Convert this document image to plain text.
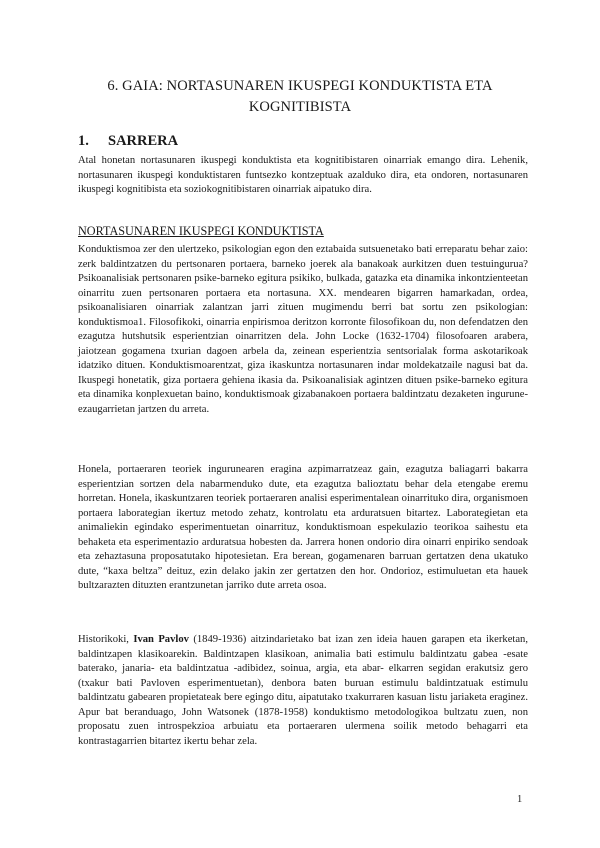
6. GAIA: NORTASUNAREN IKUSPEGI KONDUKTISTA ETA
KOGNITIBISTA
1. SARRERA

Atal honetan nortasunaren ikuspegi konduktista eta kognitibistaren oinarriak emango dira. Lehenik, nortasunaren ikuspegi konduktistaren funtsezko kontzeptuak azalduko dira, eta ondoren, nortasunaren ikuspegi kognitibista eta soziokognitibistaren oinarriak aipatuko dira.

NORTASUNAREN IKUSPEGI KONDUKTISTA

Konduktismoa zer den ulertzeko, psikologian egon den eztabaida sutsuenetako bati erreparatu behar zaio: zerk baldintzatzen du pertsonaren portaera, barneko joerek ala banakoak aurkitzen duen testuinguruа? Psikoanalisiak pertsonaren psike-barneko egitura psikiko, bulkada, gatazka eta dinamika inkontzienteetan oinarritu zuen pertsonaren portaera eta nortasuna. XX. mendearen bigarren hamarkadan, ordea, psikoanalisiaren oinarriak zalantzan jarri zituen mugimendu berri bat sortu zen psikologian: konduktismoa1. Filosofikoki, oinarria enpirismoa deritzon korronte filosofikoan du, non defendatzen den ezagutza hutshutsik esperientzian oinarritzen dela. John Locke (1632-1704) filosofoaren arabera, jaiotzean gogamena txurian dagoen arbela da, zeinean esperientzia sentsorialak forma askotarikoak idatziko dituen. Konduktismoarentzat, giza ikaskuntza nortasunaren indar moldekatzaile nagusi bat da. Ikuspegi honetatik, giza portaera gehiena ikasia da. Psikoanalisiak agintzen dituen psike-barneko egitura eta dinamika konplexuetan baino, konduktismoak gizabanakoen portaera baldintzatu dezaketen ingurune-ezaugarrietan jartzen du arreta.

Honela, portaeraren teoriek ingurunearen eragina azpimarratzeaz gain, ezagutza baliagarri bakarra esperientzian sortzen dela nabarmenduko dute, eta ezagutza balioztatu behar dela etengabe eremu horretan. Honela, ikaskuntzaren teoriek portaeraren analisi esperimentalean oinarrituko dira, organismoen portaera laborategian ikertuz metodo zehatz, kontrolatu eta arduratsuen bitartez. Laborategietan eta animaliekin egindako esperimentuetan oinarrituz, konduktismoan espekulazio teorikoa saihestu eta behaketa eta esperimentazio arduratsua hobesten da. Jarrera honen ondorio dira oinarri enpiriko sendoak eta zehaztasuna proposatutako hipotesietan. Era berean, gogamenaren barruan gertatzen dena ukatuko dute, “kaxa beltza” deituz, ezin delako jakin zer gertatzen den hor. Ondorioz, estimuluetan eta hauek bultzarazten dituzten erantzunetan jarriko dute arreta osoa.

Historikoki, Ivan Pavlov (1849-1936) aitzindarietako bat izan zen ideia hauen garapen eta ikerketan, baldintzapen klasikoarekin. Baldintzapen klasikoan, animalia bati estimulu baldintzatu gabea -esate baterako, janaria- eta baldintzatua -adibidez, soinua, argia, eta abar- elkarren segidan erakutsiz gero (txakur bati Pavloven esperimentuetan), denbora baten buruan estimulu baldintzatuak estimulu baldintzatu gabearen propietateak bere egingo ditu, aipatutako txakurraren kasuan listu jariaketa eraginez. Apur bat beranduago, John Watsonek (1878-1958) konduktismo metodologikoa bultzatu zuen, non proposatu zuen introspekzioa arbuiatu eta portaeraren ulermena soilik metodo behagarri eta kontrastagarrien bitartez ikertu behar zela.

1
